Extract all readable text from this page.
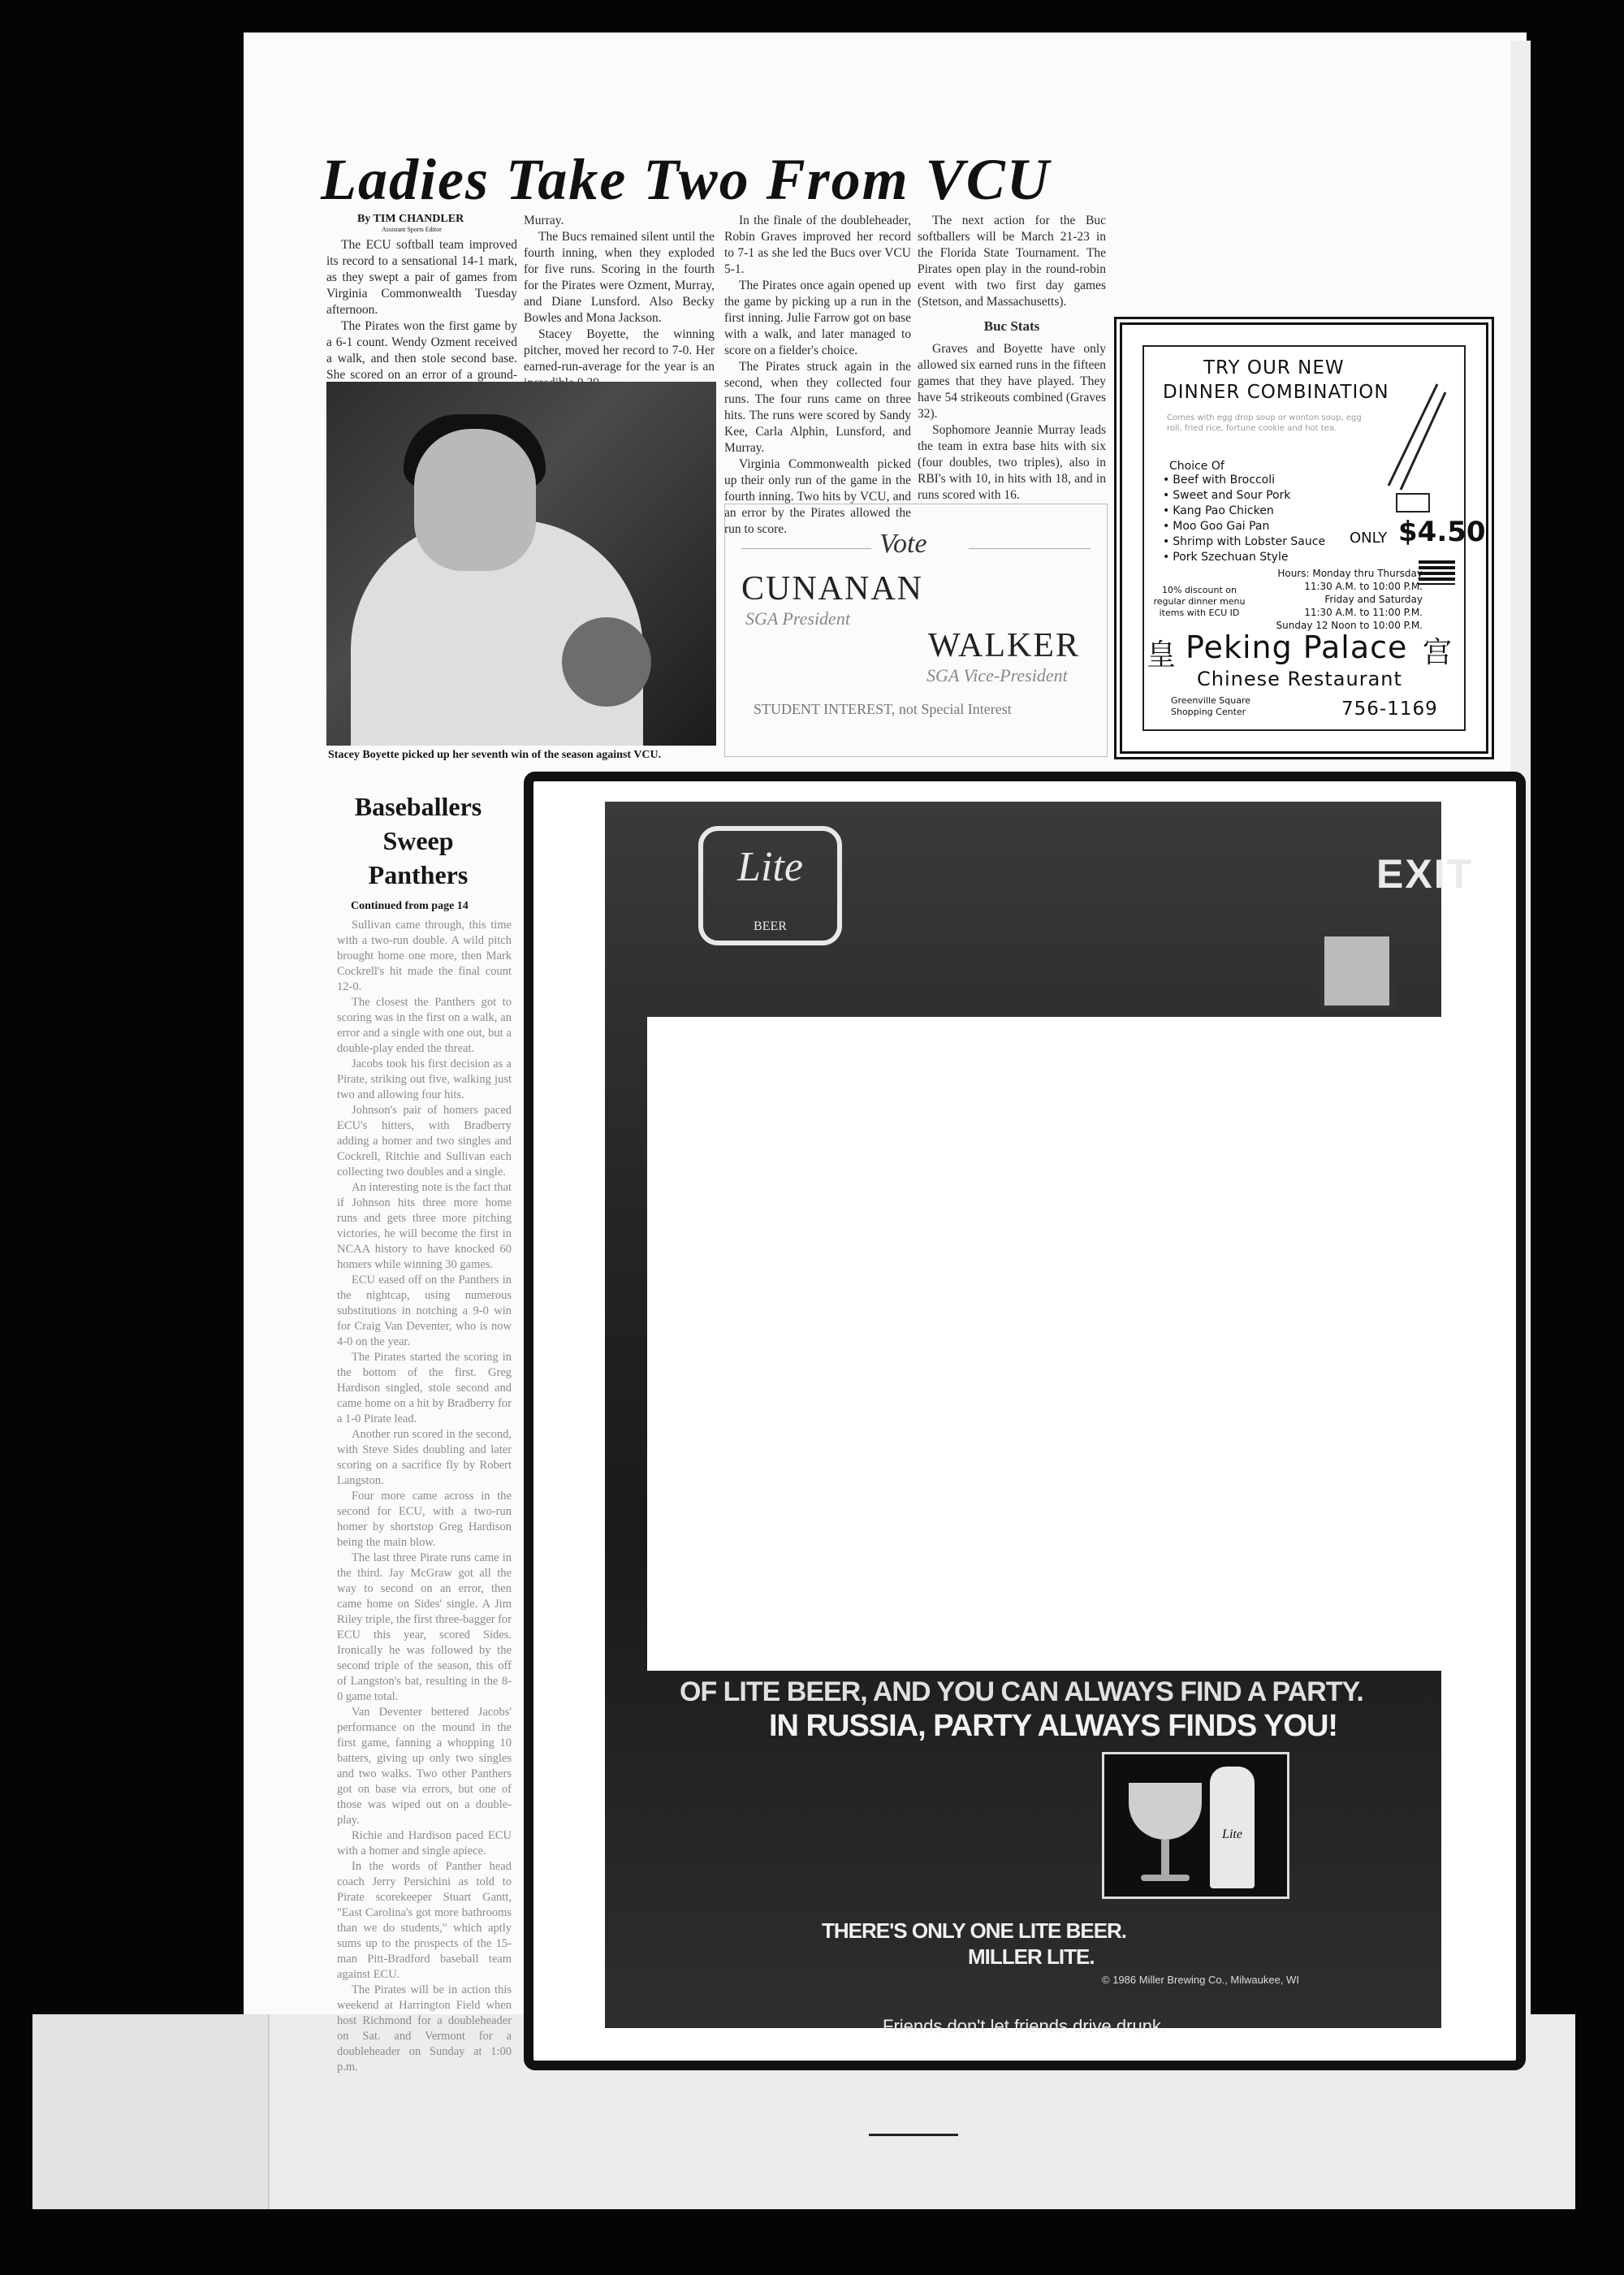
Ladies Take Two From VCU
By TIM CHANDLER
Assistant Sports Editor

The ECU softball team improved its record to a sensational 14-1 mark, as they swept a pair of games from Virginia Commonwealth Tuesday afternoon.

The Pirates won the first game by a 6-1 count. Wendy Ozment received a walk, and then stole second base. She scored on an error of a ground-

Murray.

The Bucs remained silent until the fourth inning, when they exploded for five runs. Scoring in the fourth for the Pirates were Ozment, Murray, and Diane Lunsford. Also Becky Bowles and Mona Jackson.

Stacey Boyette, the winning pitcher, moved her record to 7-0. Her earned-run-average for the year is an

In the finale of the doubleheader, Robin Graves improved her record to 7-1 as she led the Bucs over VCU 5-1.

The Pirates once again opened up the game by picking up a run in the first inning. Julie Farrow got on base with a walk, and later managed to score on a fielder's choice.

The Pirates struck again in the second, when they collected four runs. The four runs came on three hits. The runs were scored by Sandy Kee, Carla Alphin, Lunsford, and Murray.

Virginia Commonwealth picked up their only run of the game in the fourth inning. Two hits by VCU, and an error by the Pirates allowed the run to score.

The next action for the Buc softballers will be March 21-23 in the Florida State Tournament. The Pirates open play in the round-robin event with two first day games (Stetson, and Massachusetts).

Buc Stats

Graves and Boyette have only allowed six earned runs in the fifteen games that they have played. They have 54 strikeouts combined (Graves 32).

Sophomore Jeannie Murray leads the team in extra base hits with six (four doubles, two triples), also in RBI's with 10, in hits with 18, and in runs scored with 16.

Stacey Boyette picked up her seventh win of the season against VCU.
Vote
CUNANAN
SGA President
WALKER
SGA Vice-President
STUDENT INTEREST, not Special Interest
TRY OUR NEW
DINNER COMBINATION
Comes with egg drop soup or wonton soup, egg roll, fried rice, fortune cookie and hot tea.
Choice Of
• Beef with Broccoli
• Sweet and Sour Pork
• Kang Pao Chicken
• Moo Goo Gai Pan
• Shrimp with Lobster Sauce
• Pork Szechuan Style
ONLY $4.50
Hours: Monday thru Thursday
11:30 A.M. to 10:00 P.M.
Friday and Saturday
11:30 A.M. to 11:00 P.M.
Sunday 12 Noon to 10:00 P.M.
10% discount on regular dinner menu items with ECU ID
皇 Peking Palace 宫
Chinese Restaurant
Greenville Square
Shopping Center	756-1169
Baseballers
Sweep
Panthers
Continued from page 14

Sullivan came through, this time with a two-run double. A wild pitch brought home one more, then Mark Cockrell's hit made the final count 12-0.

The closest the Panthers got to scoring was in the first on a walk, an error and a single with one out, but a double-play ended the threat.

Jacobs took his first decision as a Pirate, striking out five, walking just two and allowing four hits.

Johnson's pair of homers paced ECU's hitters, with Bradberry adding a homer and two singles and Cockrell, Ritchie and Sullivan each collecting two doubles and a single.

An interesting note is the fact that if Johnson hits three more home runs and gets three more pitching victories, he will become the first in NCAA history to have knocked 60 homers while winning 30 games.

ECU eased off on the Panthers in the nightcap, using numerous substitutions in notching a 9-0 win for Craig Van Deventer, who is now 4-0 on the year.

The Pirates started the scoring in the bottom of the first. Greg Hardison singled, stole second and came home on a hit by Bradberry for a 1-0 Pirate lead.

Another run scored in the second, with Steve Sides doubling and later scoring on a sacrifice fly by Robert Langston.

Four more came across in the second for ECU, with a two-run homer by shortstop Greg Hardison being the main blow.

The last three Pirate runs came in the third. Jay McGraw got all the way to second on an error, then came home on Sides' single. A Jim Riley triple, the first three-bagger for ECU this year, scored Sides. Ironically he was followed by the second triple of the season, this off of Langston's bat, resulting in the 8-0 game total.

Van Deventer bettered Jacobs' performance on the mound in the first game, fanning a whopping 10 batters, giving up only two singles and two walks. Two other Panthers got on base via errors, but one of those was wiped out on a double-play.

Richie and Hardison paced ECU with a homer and single apiece.

In the words of Panther head coach Jerry Persichini as told to Pirate scorekeeper Stuart Gantt, "East Carolina's got more bathrooms than we do students," which aptly sums up to the prospects of the 15-man Pitt-Bradford baseball team against ECU.

The Pirates will be in action this weekend at Harrington Field when host Richmond for a doubleheader on Sat. and Vermont for a doubleheader on Sunday at 1:00 p.m.

Lite
BEER
EXIT
OF LITE BEER, AND YOU CAN ALWAYS FIND A PARTY.
IN RUSSIA, PARTY ALWAYS FINDS YOU!
Lite
THERE'S ONLY ONE LITE BEER.
MILLER LITE.
© 1986 Miller Brewing Co., Milwaukee, WI
Friends don't let friends drive drunk.
